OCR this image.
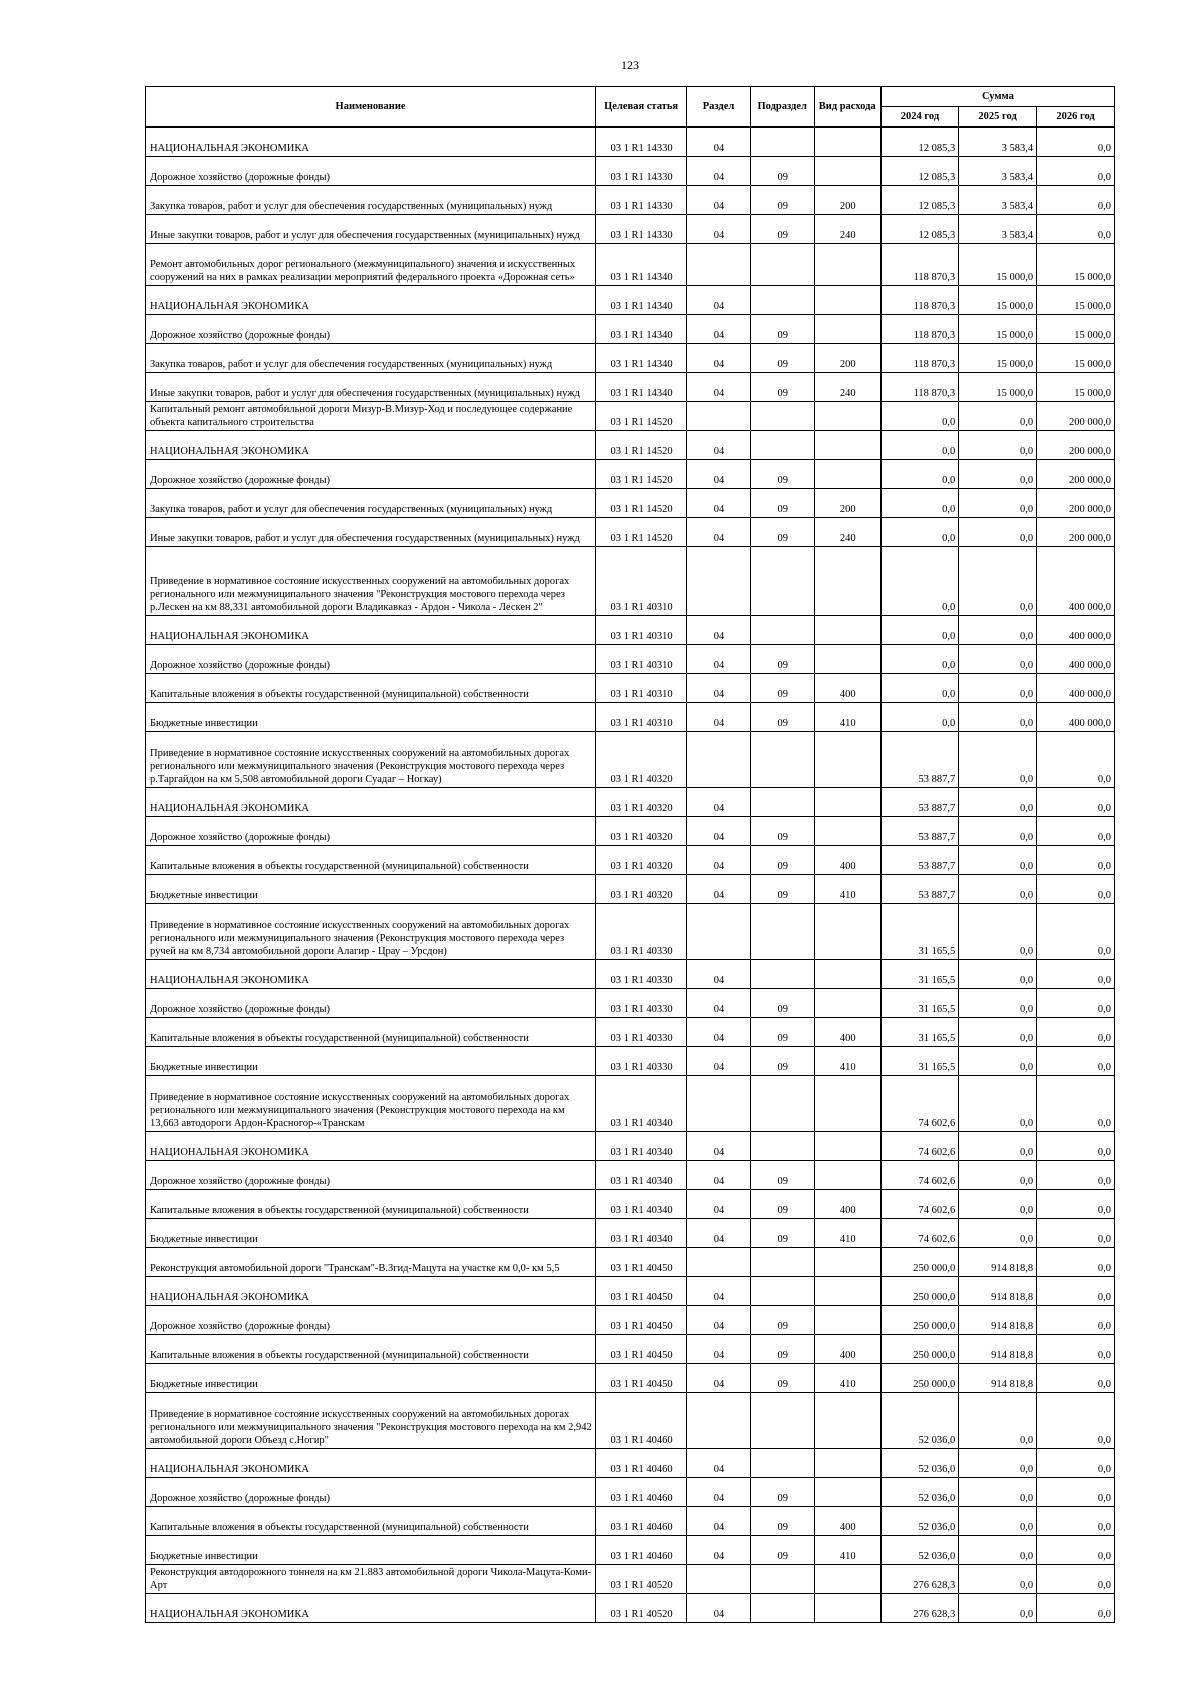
123
Наименование	Целевая статья	Раздел	Подраздел	Вид расхода	Сумма		
					2024 год	2025 год	2026 год
НАЦИОНАЛЬНАЯ ЭКОНОМИКА	03 1 R1 14330	04			12 085,3	3 583,4	0,0
Дорожное хозяйство (дорожные фонды)	03 1 R1 14330	04	09		12 085,3	3 583,4	0,0
Закупка товаров, работ и услуг для обеспечения государственных (муниципальных) нужд	03 1 R1 14330	04	09	200	12 085,3	3 583,4	0,0
Иные закупки товаров, работ и услуг для обеспечения государственных (муниципальных) нужд	03 1 R1 14330	04	09	240	12 085,3	3 583,4	0,0
Ремонт автомобильных дорог регионального (межмуниципального) значения и искусственных сооружений на них в рамках реализации мероприятий федерального проекта «Дорожная сеть»	03 1 R1 14340				118 870,3	15 000,0	15 000,0
НАЦИОНАЛЬНАЯ ЭКОНОМИКА	03 1 R1 14340	04			118 870,3	15 000,0	15 000,0
Дорожное хозяйство (дорожные фонды)	03 1 R1 14340	04	09		118 870,3	15 000,0	15 000,0
Закупка товаров, работ и услуг для обеспечения государственных (муниципальных) нужд	03 1 R1 14340	04	09	200	118 870,3	15 000,0	15 000,0
Иные закупки товаров, работ и услуг для обеспечения государственных (муниципальных) нужд	03 1 R1 14340	04	09	240	118 870,3	15 000,0	15 000,0
Капитальный ремонт автомобильной дороги Мизур-В.Мизур-Ход и последующее содержание объекта капитального строительства	03 1 R1 14520				0,0	0,0	200 000,0
НАЦИОНАЛЬНАЯ ЭКОНОМИКА	03 1 R1 14520	04			0,0	0,0	200 000,0
Дорожное хозяйство (дорожные фонды)	03 1 R1 14520	04	09		0,0	0,0	200 000,0
Закупка товаров, работ и услуг для обеспечения государственных (муниципальных) нужд	03 1 R1 14520	04	09	200	0,0	0,0	200 000,0
Иные закупки товаров, работ и услуг для обеспечения государственных (муниципальных) нужд	03 1 R1 14520	04	09	240	0,0	0,0	200 000,0
Приведение в нормативное состояние искусственных сооружений на автомобильных дорогах регионального или межмуниципального значения "Реконструкция мостового перехода через р.Лескен на км 88,331 автомобильной дороги Владикавказ - Ардон - Чикола - Лескен 2"	03 1 R1 40310				0,0	0,0	400 000,0
НАЦИОНАЛЬНАЯ ЭКОНОМИКА	03 1 R1 40310	04			0,0	0,0	400 000,0
Дорожное хозяйство (дорожные фонды)	03 1 R1 40310	04	09		0,0	0,0	400 000,0
Капитальные вложения в объекты государственной (муниципальной) собственности	03 1 R1 40310	04	09	400	0,0	0,0	400 000,0
Бюджетные инвестиции	03 1 R1 40310	04	09	410	0,0	0,0	400 000,0
Приведение в нормативное состояние искусственных сооружений на автомобильных дорогах регионального или межмуниципального значения (Реконструкция мостового перехода через р.Таргайдон на км 5,508 автомобильной дороги Суадаг – Ногкау)	03 1 R1 40320				53 887,7	0,0	0,0
НАЦИОНАЛЬНАЯ ЭКОНОМИКА	03 1 R1 40320	04			53 887,7	0,0	0,0
Дорожное хозяйство (дорожные фонды)	03 1 R1 40320	04	09		53 887,7	0,0	0,0
Капитальные вложения в объекты государственной (муниципальной) собственности	03 1 R1 40320	04	09	400	53 887,7	0,0	0,0
Бюджетные инвестиции	03 1 R1 40320	04	09	410	53 887,7	0,0	0,0
Приведение в нормативное состояние искусственных сооружений на автомобильных дорогах регионального или межмуниципального значения (Реконструкция мостового перехода через ручей на км 8,734 автомобильной дороги Алагир - Црау – Урсдон)	03 1 R1 40330				31 165,5	0,0	0,0
НАЦИОНАЛЬНАЯ ЭКОНОМИКА	03 1 R1 40330	04			31 165,5	0,0	0,0
Дорожное хозяйство (дорожные фонды)	03 1 R1 40330	04	09		31 165,5	0,0	0,0
Капитальные вложения в объекты государственной (муниципальной) собственности	03 1 R1 40330	04	09	400	31 165,5	0,0	0,0
Бюджетные инвестиции	03 1 R1 40330	04	09	410	31 165,5	0,0	0,0
Приведение в нормативное состояние искусственных сооружений на автомобильных дорогах регионального или межмуниципального значения (Реконструкция мостового перехода на км 13,663 автодороги Ардон-Красногор-«Транскам	03 1 R1 40340				74 602,6	0,0	0,0
НАЦИОНАЛЬНАЯ ЭКОНОМИКА	03 1 R1 40340	04			74 602,6	0,0	0,0
Дорожное хозяйство (дорожные фонды)	03 1 R1 40340	04	09		74 602,6	0,0	0,0
Капитальные вложения в объекты государственной (муниципальной) собственности	03 1 R1 40340	04	09	400	74 602,6	0,0	0,0
Бюджетные инвестиции	03 1 R1 40340	04	09	410	74 602,6	0,0	0,0
Реконструкция автомобильной дороги "Транскам"-В.Згид-Мацута на участке км 0,0- км 5,5	03 1 R1 40450				250 000,0	914 818,8	0,0
НАЦИОНАЛЬНАЯ ЭКОНОМИКА	03 1 R1 40450	04			250 000,0	914 818,8	0,0
Дорожное хозяйство (дорожные фонды)	03 1 R1 40450	04	09		250 000,0	914 818,8	0,0
Капитальные вложения в объекты государственной (муниципальной) собственности	03 1 R1 40450	04	09	400	250 000,0	914 818,8	0,0
Бюджетные инвестиции	03 1 R1 40450	04	09	410	250 000,0	914 818,8	0,0
Приведение в нормативное состояние искусственных сооружений на автомобильных дорогах регионального или межмуниципального значения "Реконструкция мостового перехода на км 2,942 автомобильной дороги Объезд с.Ногир"	03 1 R1 40460				52 036,0	0,0	0,0
НАЦИОНАЛЬНАЯ ЭКОНОМИКА	03 1 R1 40460	04			52 036,0	0,0	0,0
Дорожное хозяйство (дорожные фонды)	03 1 R1 40460	04	09		52 036,0	0,0	0,0
Капитальные вложения в объекты государственной (муниципальной) собственности	03 1 R1 40460	04	09	400	52 036,0	0,0	0,0
Бюджетные инвестиции	03 1 R1 40460	04	09	410	52 036,0	0,0	0,0
Реконструкция автодорожного тоннеля на км 21.883 автомобильной дороги Чикола-Мацута-Коми-Арт	03 1 R1 40520				276 628,3	0,0	0,0
НАЦИОНАЛЬНАЯ ЭКОНОМИКА	03 1 R1 40520	04			276 628,3	0,0	0,0
